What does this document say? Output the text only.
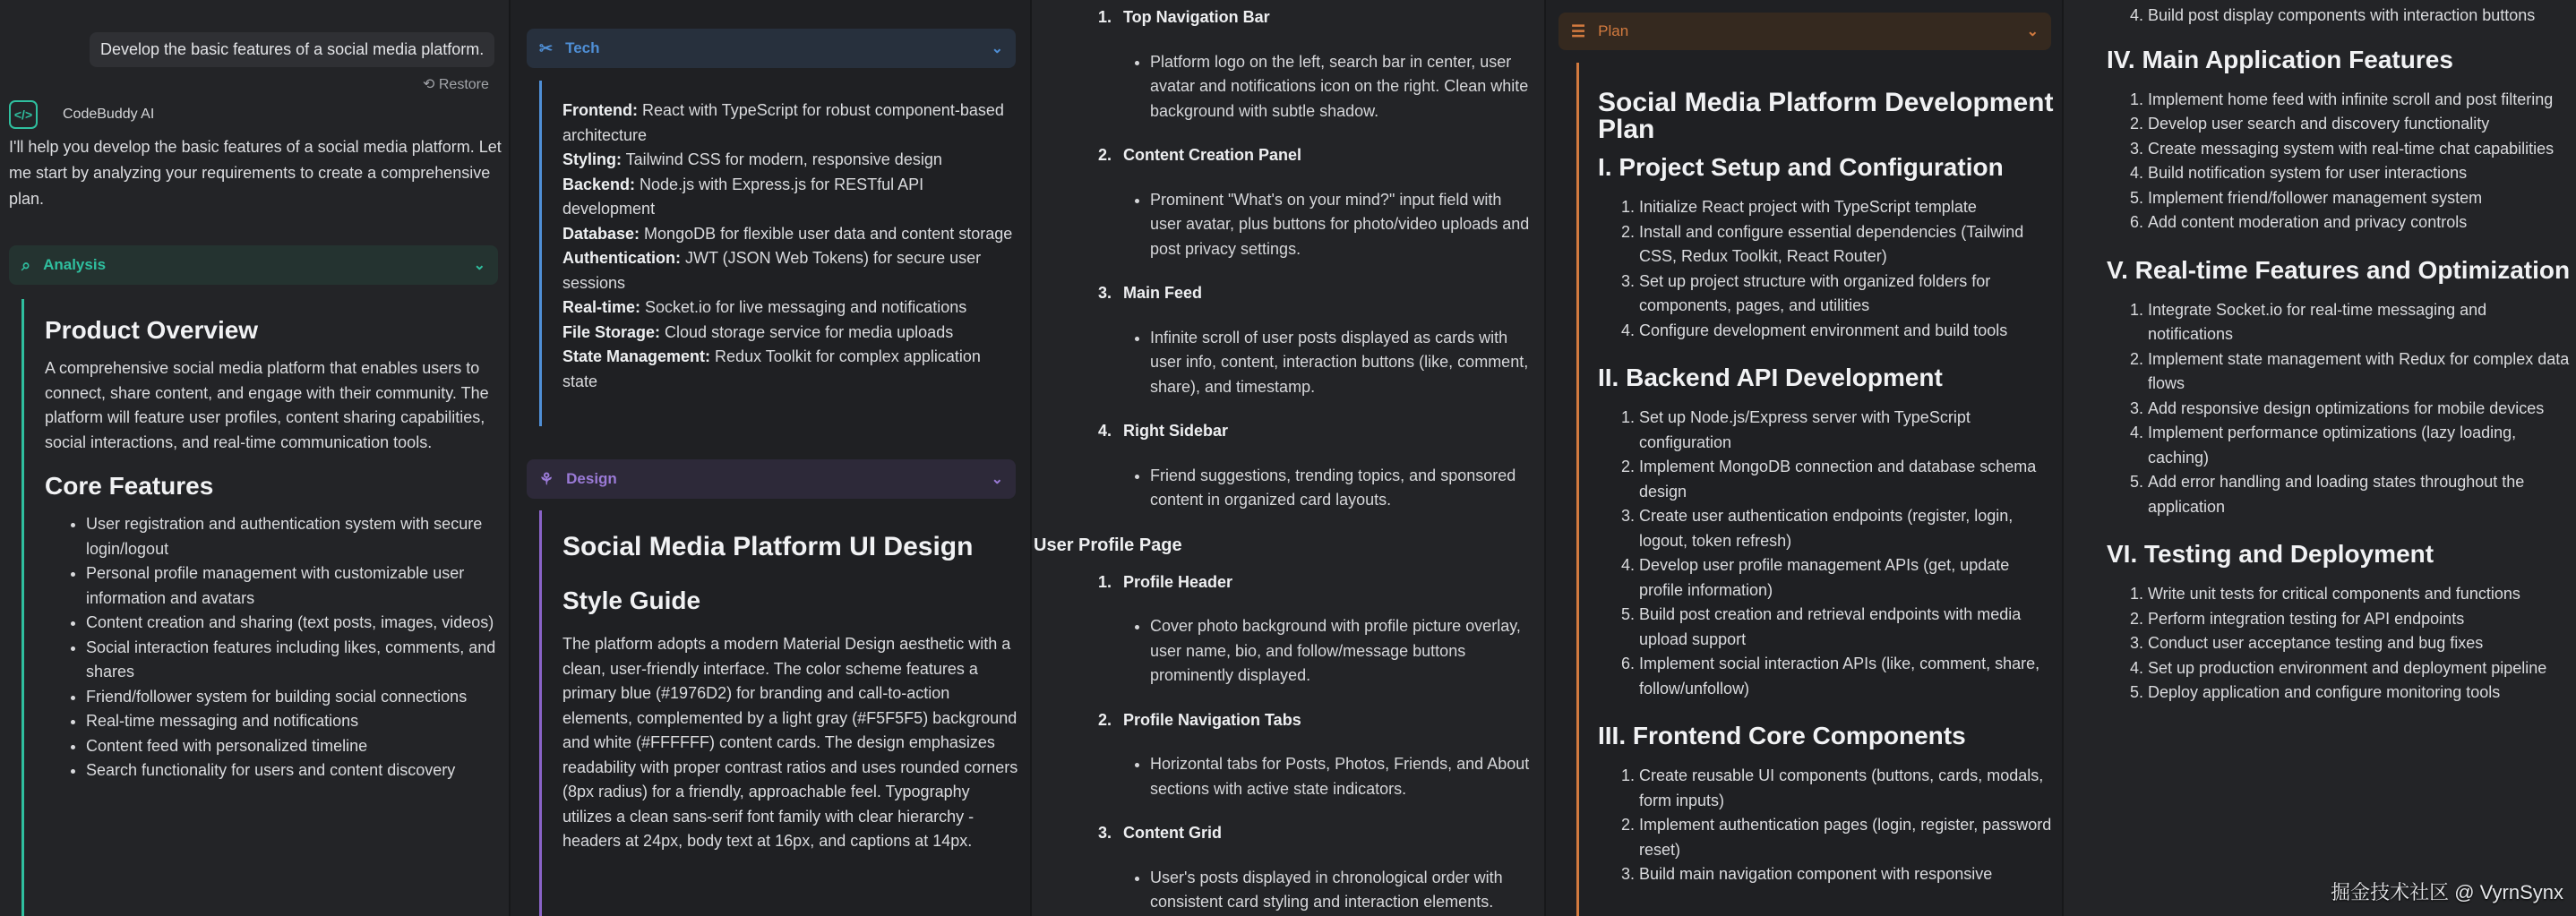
Develop the basic features of a social media platform.
⟲ Restore
</>	CodeBuddy AI
I'll help you develop the basic features of a social media platform. Let me start by analyzing your requirements to create a comprehensive plan.
⌕ Analysis	⌄
Product Overview

A comprehensive social media platform that enables users to connect, share content, and engage with their community. The platform will feature user profiles, content sharing capabilities, social interactions, and real-time communication tools.

Core Features
• User registration and authentication system with secure login/logout
• Personal profile management with customizable user information and avatars
• Content creation and sharing (text posts, images, videos)
• Social interaction features including likes, comments, and shares
• Friend/follower system for building social connections
• Real-time messaging and notifications
• Content feed with personalized timeline
• Search functionality for users and content discovery
✂ Tech	⌄
Frontend: React with TypeScript for robust component-based architecture
Styling: Tailwind CSS for modern, responsive design
Backend: Node.js with Express.js for RESTful API development
Database: MongoDB for flexible user data and content storage
Authentication: JWT (JSON Web Tokens) for secure user sessions
Real-time: Socket.io for live messaging and notifications
File Storage: Cloud storage service for media uploads
State Management: Redux Toolkit for complex application state
⚘ Design	⌄
Social Media Platform UI Design
Style Guide

The platform adopts a modern Material Design aesthetic with a clean, user-friendly interface. The color scheme features a primary blue (#1976D2) for branding and call-to-action elements, complemented by a light gray (#F5F5F5) background and white (#FFFFFF) content cards. The design emphasizes readability with proper contrast ratios and uses rounded corners (8px radius) for a friendly, approachable feel. Typography utilizes a clean sans-serif font family with clear hierarchy - headers at 24px, body text at 16px, and captions at 14px.

1. Top Navigation Bar
• Platform logo on the left, search bar in center, user avatar and notifications icon on the right. Clean white background with subtle shadow.
2. Content Creation Panel
• Prominent "What's on your mind?" input field with user avatar, plus buttons for photo/video uploads and post privacy settings.
3. Main Feed
• Infinite scroll of user posts displayed as cards with user info, content, interaction buttons (like, comment, share), and timestamp.
4. Right Sidebar
• Friend suggestions, trending topics, and sponsored content in organized card layouts.
User Profile Page
1. Profile Header
• Cover photo background with profile picture overlay, user name, bio, and follow/message buttons prominently displayed.
2. Profile Navigation Tabs
• Horizontal tabs for Posts, Photos, Friends, and About sections with active state indicators.
3. Content Grid
• User's posts displayed in chronological order with consistent card styling and interaction elements.
☰ Plan	⌄
Social Media Platform Development Plan
I. Project Setup and Configuration
1. Initialize React project with TypeScript template
2. Install and configure essential dependencies (Tailwind CSS, Redux Toolkit, React Router)
3. Set up project structure with organized folders for components, pages, and utilities
4. Configure development environment and build tools
II. Backend API Development
1. Set up Node.js/Express server with TypeScript configuration
2. Implement MongoDB connection and database schema design
3. Create user authentication endpoints (register, login, logout, token refresh)
4. Develop user profile management APIs (get, update profile information)
5. Build post creation and retrieval endpoints with media upload support
6. Implement social interaction APIs (like, comment, share, follow/unfollow)
III. Frontend Core Components
1. Create reusable UI components (buttons, cards, modals, form inputs)
2. Implement authentication pages (login, register, password reset)
3. Build main navigation component with responsive
4. Build post display components with interaction buttons
IV. Main Application Features
1. Implement home feed with infinite scroll and post filtering
2. Develop user search and discovery functionality
3. Create messaging system with real-time chat capabilities
4. Build notification system for user interactions
5. Implement friend/follower management system
6. Add content moderation and privacy controls
V. Real-time Features and Optimization
1. Integrate Socket.io for real-time messaging and notifications
2. Implement state management with Redux for complex data flows
3. Add responsive design optimizations for mobile devices
4. Implement performance optimizations (lazy loading, caching)
5. Add error handling and loading states throughout the application
VI. Testing and Deployment
1. Write unit tests for critical components and functions
2. Perform integration testing for API endpoints
3. Conduct user acceptance testing and bug fixes
4. Set up production environment and deployment pipeline
5. Deploy application and configure monitoring tools
掘金技术社区 @ VyrnSynx
